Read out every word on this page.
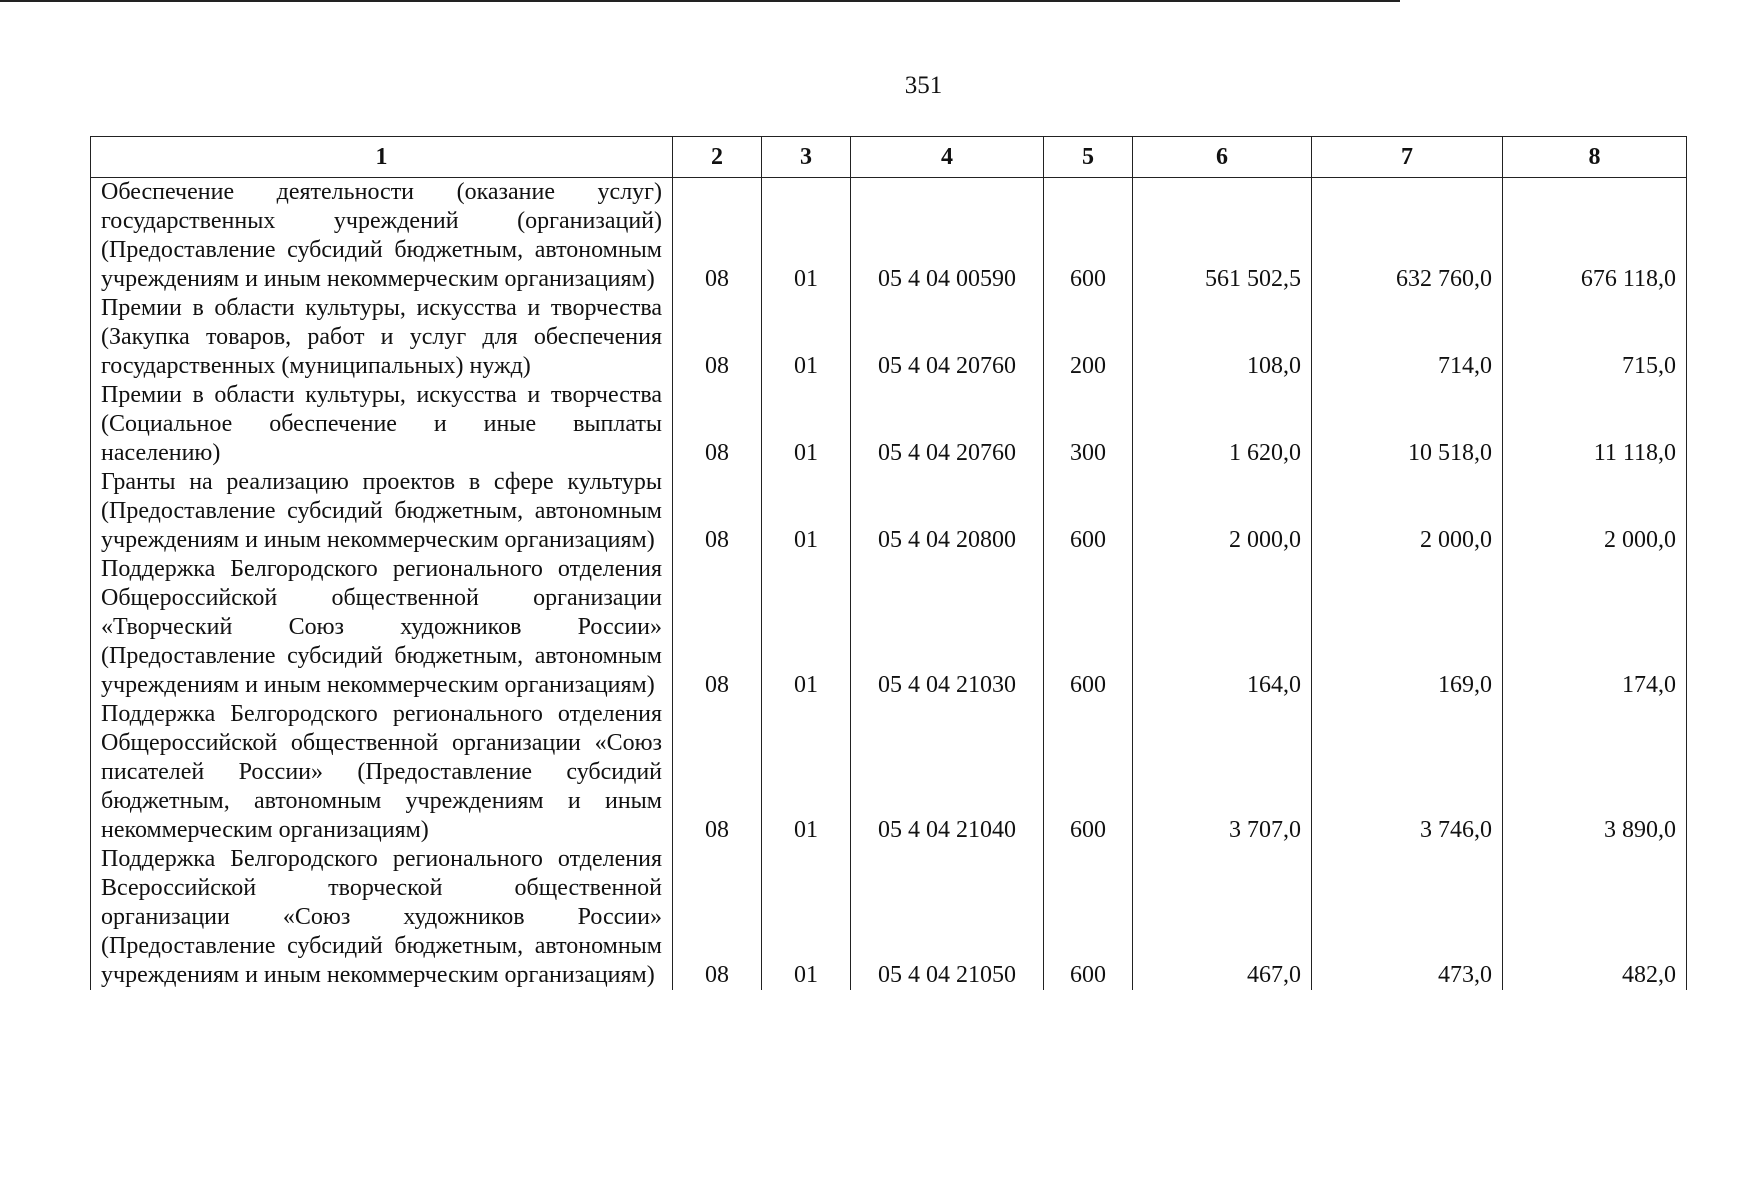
351
1	2	3	4	5	6	7	8
Обеспечение деятельности (оказание услуг) государственных учреждений (организаций) (Предоставление субсидий бюджетным, автономным учреждениям и иным некоммерческим организациям)	08	01	05 4 04 00590	600	561 502,5	632 760,0	676 118,0
Премии в области культуры, искусства и творчества (Закупка товаров, работ и услуг для обеспечения государственных (муниципальных) нужд)	08	01	05 4 04 20760	200	108,0	714,0	715,0
Премии в области культуры, искусства и творчества (Социальное обеспечение и иные выплаты населению)	08	01	05 4 04 20760	300	1 620,0	10 518,0	11 118,0
Гранты на реализацию проектов в сфере культуры (Предоставление субсидий бюджетным, автономным учреждениям и иным некоммерческим организациям)	08	01	05 4 04 20800	600	2 000,0	2 000,0	2 000,0
Поддержка Белгородского регионального отделения Общероссийской общественной организации «Творческий Союз художников России» (Предоставление субсидий бюджетным, автономным учреждениям и иным некоммерческим организациям)	08	01	05 4 04 21030	600	164,0	169,0	174,0
Поддержка Белгородского регионального отделения Общероссийской общественной организации «Союз писателей России» (Предоставление субсидий бюджетным, автономным учреждениям и иным некоммерческим организациям)	08	01	05 4 04 21040	600	3 707,0	3 746,0	3 890,0
Поддержка Белгородского регионального отделения Всероссийской творческой общественной организации «Союз художников России» (Предоставление субсидий бюджетным, автономным учреждениям и иным некоммерческим организациям)	08	01	05 4 04 21050	600	467,0	473,0	482,0
